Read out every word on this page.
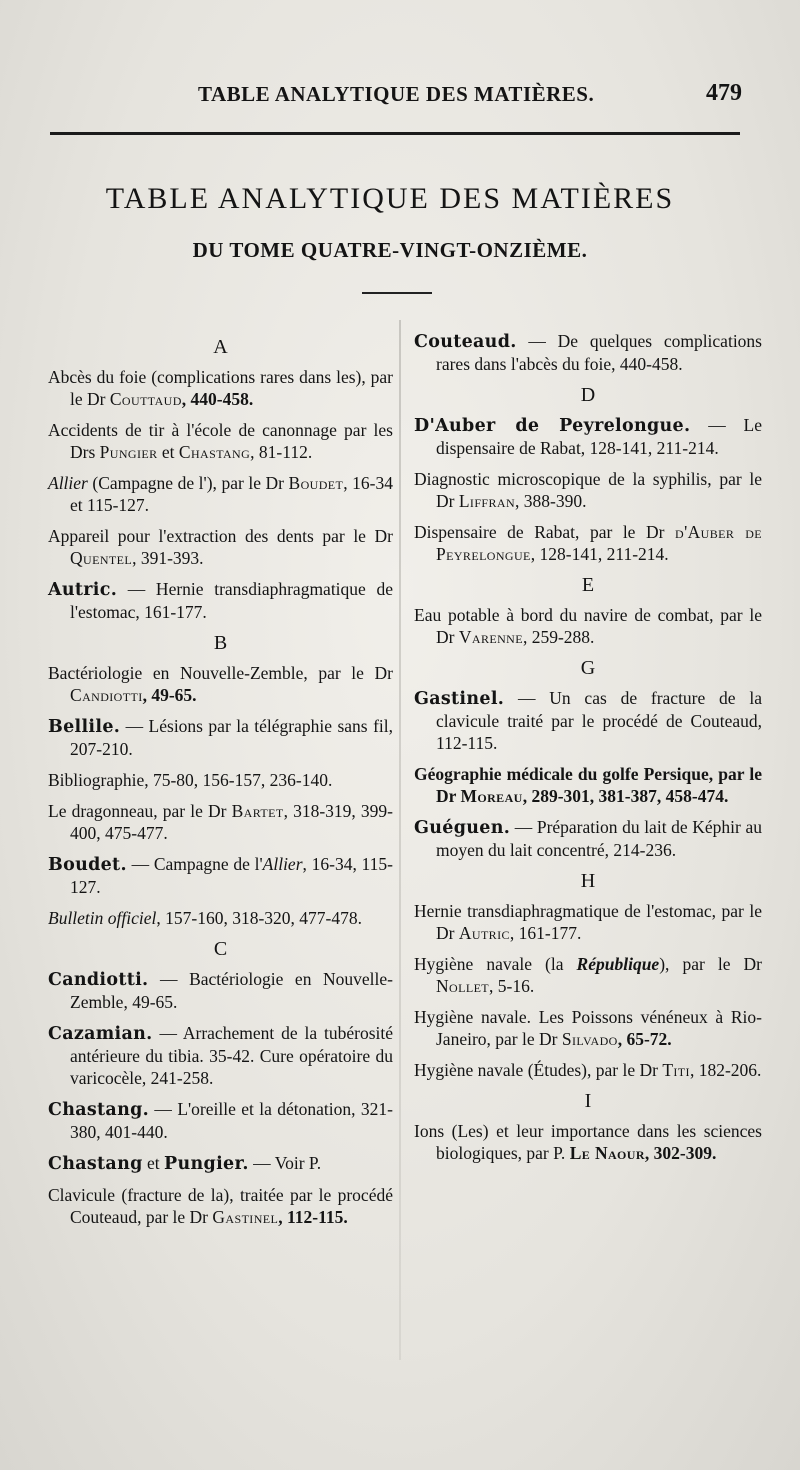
TABLE ANALYTIQUE DES MATIÈRES.	479
TABLE ANALYTIQUE DES MATIÈRES
DU TOME QUATRE-VINGT-ONZIÈME.
A

Abcès du foie (complications rares dans les), par le Dr Couttaud, 440-458.

Accidents de tir à l'école de canonnage par les Drs Pungier et Chastang, 81-112.

Allier (Campagne de l'), par le Dr Boudet, 16-34 et 115-127.

Appareil pour l'extraction des dents par le Dr Quentel, 391-393.

Autric. — Hernie transdiaphragmatique de l'estomac, 161-177.

B

Bactériologie en Nouvelle-Zemble, par le Dr Candiotti, 49-65.

Bellile. — Lésions par la télégraphie sans fil, 207-210.

Bibliographie, 75-80, 156-157, 236-140.

Le dragonneau, par le Dr Bartet, 318-319, 399-400, 475-477.

Boudet. — Campagne de l'Allier, 16-34, 115-127.

Bulletin officiel, 157-160, 318-320, 477-478.

C

Candiotti. — Bactériologie en Nouvelle-Zemble, 49-65.

Cazamian. — Arrachement de la tubérosité antérieure du tibia. 35-42. Cure opératoire du varicocèle, 241-258.

Chastang. — L'oreille et la détonation, 321-380, 401-440.

Chastang et Pungier. — Voir P.

Clavicule (fracture de la), traitée par le procédé Couteaud, par le Dr Gastinel, 112-115.

Couteaud. — De quelques complications rares dans l'abcès du foie, 440-458.

D

D'Auber de Peyrelongue. — Le dispensaire de Rabat, 128-141, 211-214.

Diagnostic microscopique de la syphilis, par le Dr Liffran, 388-390.

Dispensaire de Rabat, par le Dr d'Auber de Peyrelongue, 128-141, 211-214.

E

Eau potable à bord du navire de combat, par le Dr Varenne, 259-288.

G

Gastinel. — Un cas de fracture de la clavicule traité par le procédé de Couteaud, 112-115.

Géographie médicale du golfe Persique, par le Dr Moreau, 289-301, 381-387, 458-474.

Guéguen. — Préparation du lait de Képhir au moyen du lait concentré, 214-236.

H

Hernie transdiaphragmatique de l'estomac, par le Dr Autric, 161-177.

Hygiène navale (la République), par le Dr Nollet, 5-16.

Hygiène navale. Les Poissons vénéneux à Rio-Janeiro, par le Dr Silvado, 65-72.

Hygiène navale (Études), par le Dr Titi, 182-206.

I

Ions (Les) et leur importance dans les sciences biologiques, par P. Le Naour, 302-309.
